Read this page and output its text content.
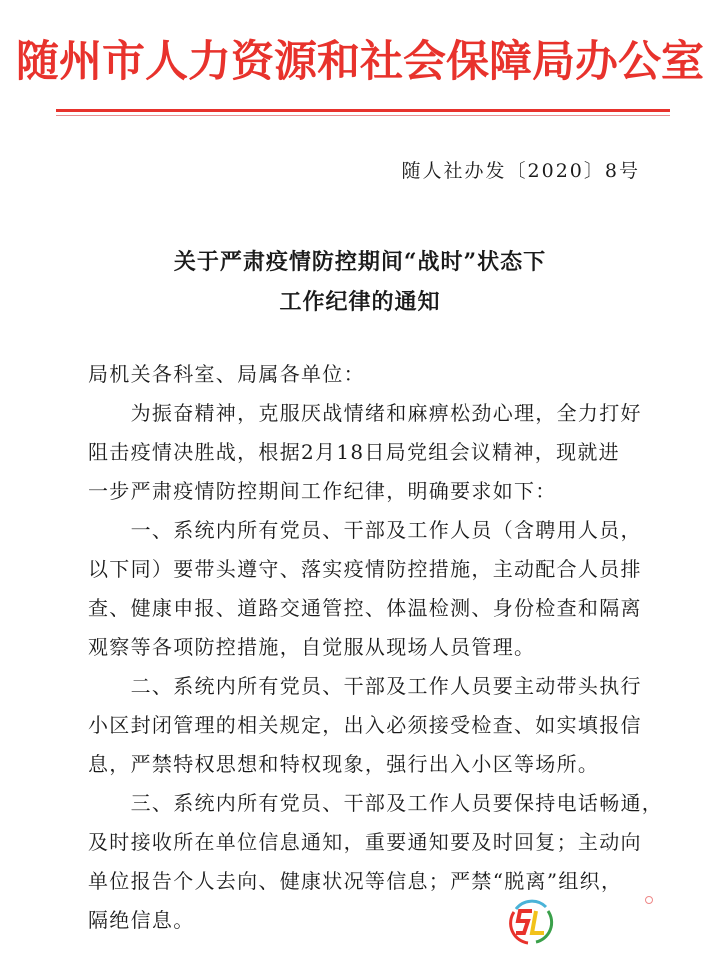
随州市人力资源和社会保障局办公室
随人社办发〔2020〕8号
关于严肃疫情防控期间“战时”状态下
工作纪律的通知
局机关各科室、局属各单位：
　　为振奋精神，克服厌战情绪和麻痹松劲心理，全力打好
阻击疫情决胜战，根据2月18日局党组会议精神，现就进
一步严肃疫情防控期间工作纪律，明确要求如下：
　　一、系统内所有党员、干部及工作人员（含聘用人员，
以下同）要带头遵守、落实疫情防控措施，主动配合人员排
查、健康申报、道路交通管控、体温检测、身份检查和隔离
观察等各项防控措施，自觉服从现场人员管理。
　　二、系统内所有党员、干部及工作人员要主动带头执行
小区封闭管理的相关规定，出入必须接受检查、如实填报信
息，严禁特权思想和特权现象，强行出入小区等场所。
　　三、系统内所有党员、干部及工作人员要保持电话畅通，
及时接收所在单位信息通知，重要通知要及时回复；主动向
单位报告个人去向、健康状况等信息；严禁“脱离”组织，
隔绝信息。
